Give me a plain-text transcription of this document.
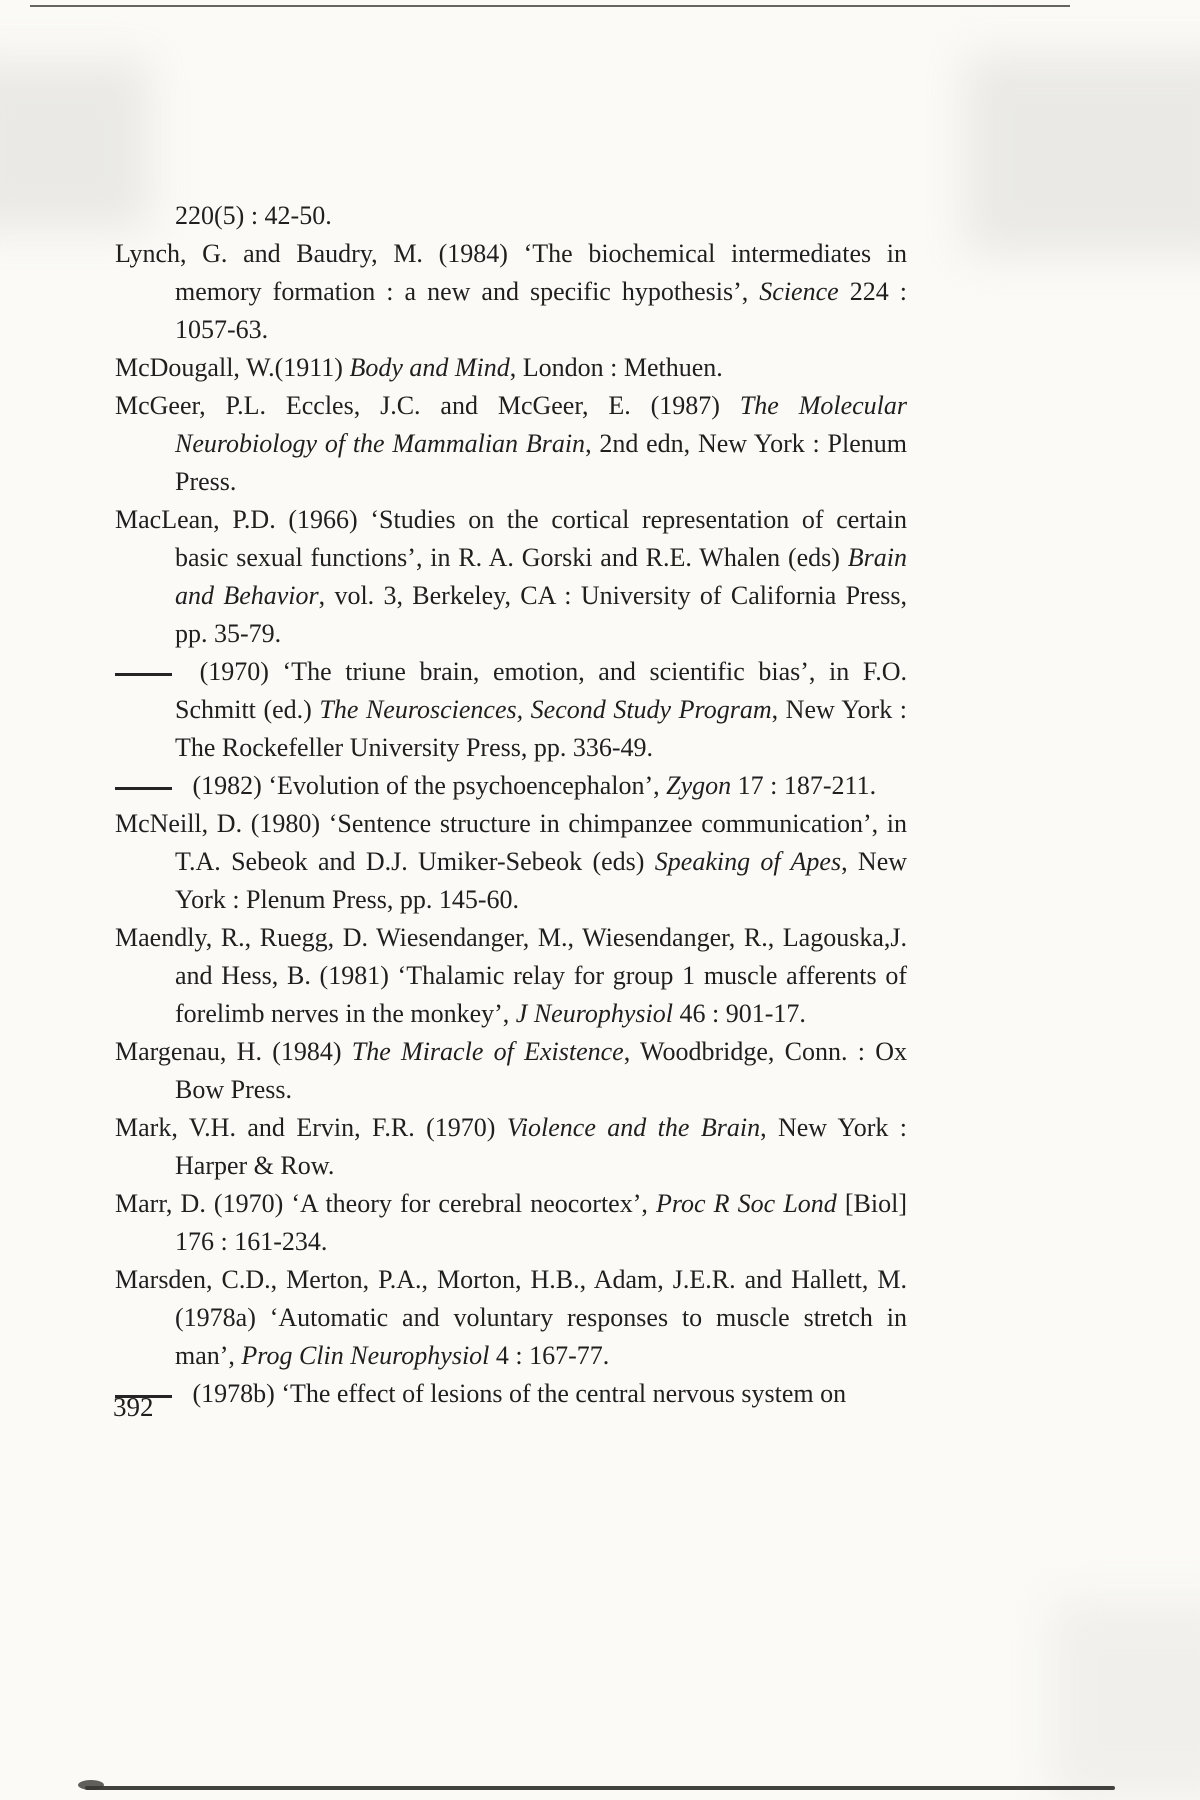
220(5) : 42-50.

Lynch, G. and Baudry, M. (1984) ‘The biochemical intermediates in memory formation : a new and specific hypothesis’, Science 224 : 1057-63.

McDougall, W.(1911) Body and Mind, London : Methuen.

McGeer, P.L. Eccles, J.C. and McGeer, E. (1987) The Molecular Neurobiology of the Mammalian Brain, 2nd edn, New York : Plenum Press.

MacLean, P.D. (1966) ‘Studies on the cortical representation of certain basic sexual functions’, in R. A. Gorski and R.E. Whalen (eds) Brain and Behavior, vol. 3, Berkeley, CA : University of California Press, pp. 35-79.

(1970) ‘The triune brain, emotion, and scientific bias’, in F.O. Schmitt (ed.) The Neurosciences, Second Study Program, New York : The Rockefeller University Press, pp. 336-49.

(1982) ‘Evolution of the psychoencephalon’, Zygon 17 : 187-211.

McNeill, D. (1980) ‘Sentence structure in chimpanzee communication’, in T.A. Sebeok and D.J. Umiker-Sebeok (eds) Speaking of Apes, New York : Plenum Press, pp. 145-60.

Maendly, R., Ruegg, D. Wiesendanger, M., Wiesendanger, R., Lagouska,J. and Hess, B. (1981) ‘Thalamic relay for group 1 muscle afferents of forelimb nerves in the monkey’, J Neurophysiol 46 : 901-17.

Margenau, H. (1984) The Miracle of Existence, Woodbridge, Conn. : Ox Bow Press.

Mark, V.H. and Ervin, F.R. (1970) Violence and the Brain, New York : Harper & Row.

Marr, D. (1970) ‘A theory for cerebral neocortex’, Proc R Soc Lond [Biol] 176 : 161-234.

Marsden, C.D., Merton, P.A., Morton, H.B., Adam, J.E.R. and Hallett, M. (1978a) ‘Automatic and voluntary responses to muscle stretch in man’, Prog Clin Neurophysiol 4 : 167-77.

(1978b) ‘The effect of lesions of the central nervous system on

392
